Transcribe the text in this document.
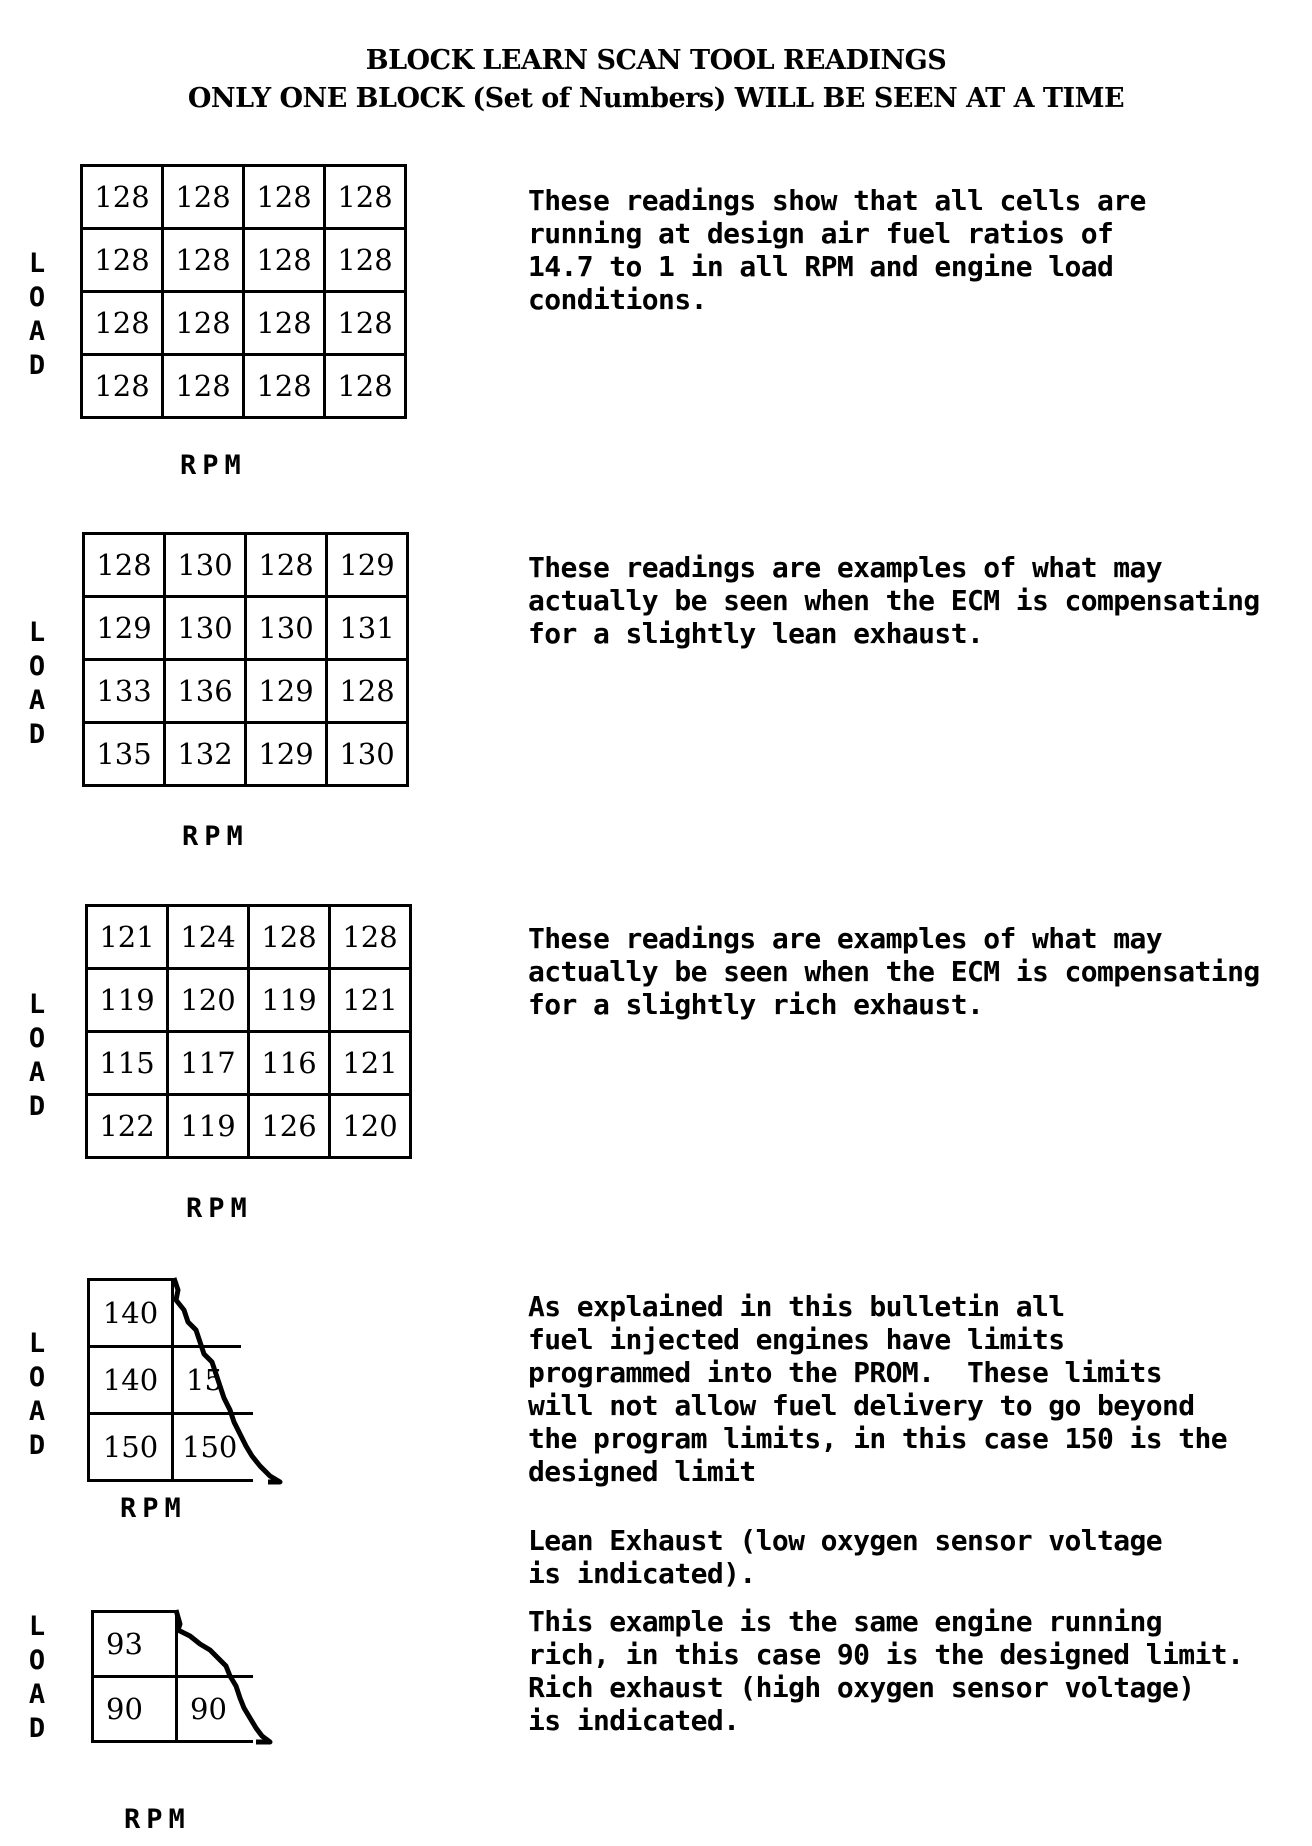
BLOCK LEARN SCAN TOOL READINGS
ONLY ONE BLOCK (Set of Numbers) WILL BE SEEN AT A TIME
L
O
A
D
128	128	128	128
128	128	128	128
128	128	128	128
128	128	128	128
RPM
These readings show that all cells are
running at design air fuel ratios of
14.7 to 1 in all RPM and engine load
conditions.
L
O
A
D
128	130	128	129
129	130	130	131
133	136	129	128
135	132	129	130
RPM
These readings are examples of what may
actually be seen when the ECM is compensating
for a slightly lean exhaust.
L
O
A
D
121	124	128	128
119	120	119	121
115	117	116	121
122	119	126	120
RPM
These readings are examples of what may
actually be seen when the ECM is compensating
for a slightly rich exhaust.
L
O
A
D
140
140 15
150 150
RPM
As explained in this bulletin all
fuel injected engines have limits
programmed into the PROM.  These limits
will not allow fuel delivery to go beyond
the program limits, in this case 150 is the
designed limit
Lean Exhaust (low oxygen sensor voltage
is indicated).
L
O
A
D
93
90	90
RPM
This example is the same engine running
rich, in this case 90 is the designed limit.
Rich exhaust (high oxygen sensor voltage)
is indicated.
